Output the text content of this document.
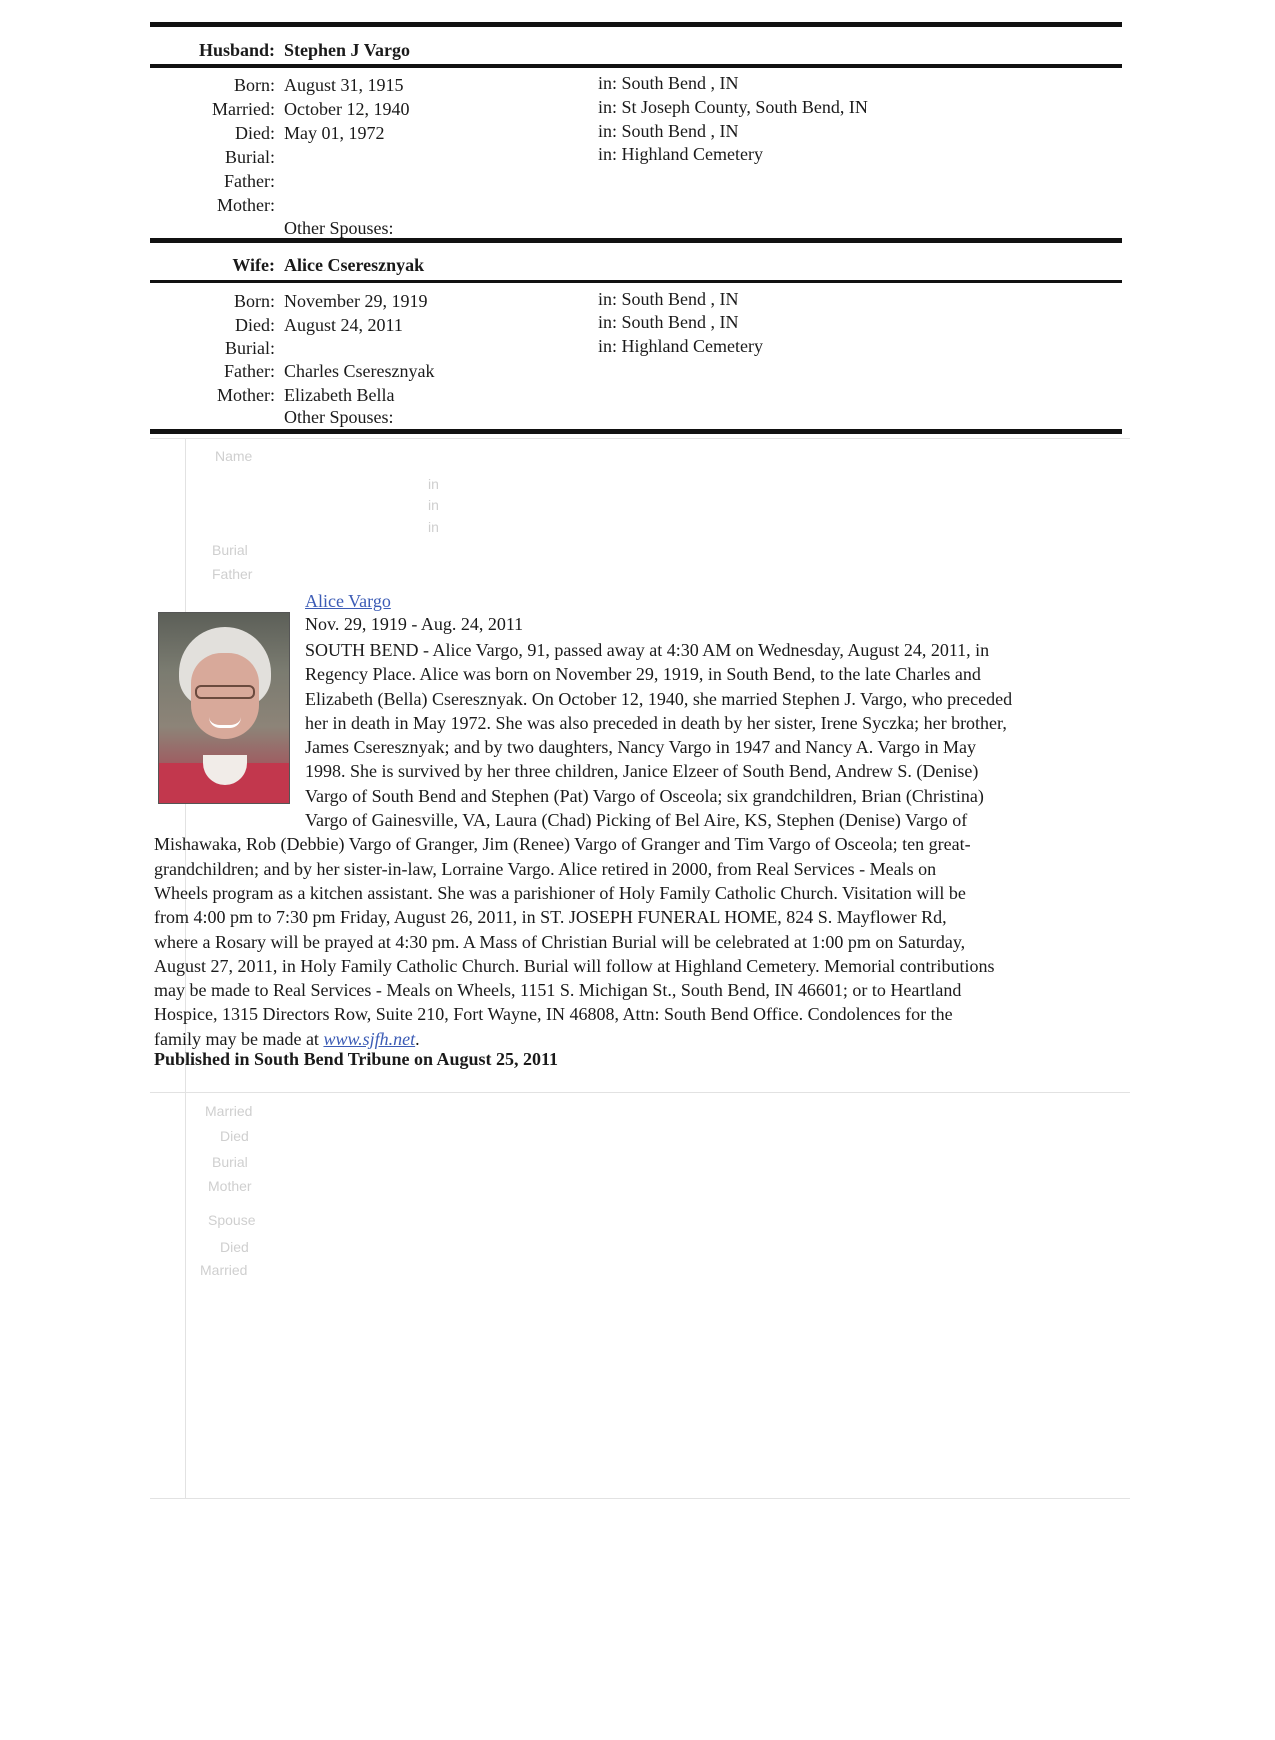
Husband: Stephen J Vargo
Born: August 31, 1915	in: South Bend , IN
Married: October 12, 1940	in: St Joseph County, South Bend, IN
Died: May 01, 1972	in: South Bend , IN
Burial:	in: Highland Cemetery
Father:
Mother:
Other Spouses:
Wife: Alice Cseresznyak
Born: November 29, 1919	in: South Bend , IN
Died: August 24, 2011	in: South Bend , IN
Burial:	in: Highland Cemetery
Father: Charles Cseresznyak
Mother: Elizabeth Bella
Other Spouses:
Name
in
in
in
Burial
Father
Married
Died
Burial
Mother
Spouse
Died
Married
Alice Vargo
Nov. 29, 1919 - Aug. 24, 2011
SOUTH BEND - Alice Vargo, 91, passed away at 4:30 AM on Wednesday, August 24, 2011, in
Regency Place. Alice was born on November 29, 1919, in South Bend, to the late Charles and
Elizabeth (Bella) Cseresznyak. On October 12, 1940, she married Stephen J. Vargo, who preceded
her in death in May 1972. She was also preceded in death by her sister, Irene Syczka; her brother,
James Cseresznyak; and by two daughters, Nancy Vargo in 1947 and Nancy A. Vargo in May
1998. She is survived by her three children, Janice Elzeer of South Bend, Andrew S. (Denise)
Vargo of South Bend and Stephen (Pat) Vargo of Osceola; six grandchildren, Brian (Christina)
Vargo of Gainesville, VA, Laura (Chad) Picking of Bel Aire, KS, Stephen (Denise) Vargo of
Mishawaka, Rob (Debbie) Vargo of Granger, Jim (Renee) Vargo of Granger and Tim Vargo of Osceola; ten great-
grandchildren; and by her sister-in-law, Lorraine Vargo. Alice retired in 2000, from Real Services - Meals on
Wheels program as a kitchen assistant. She was a parishioner of Holy Family Catholic Church. Visitation will be
from 4:00 pm to 7:30 pm Friday, August 26, 2011, in ST. JOSEPH FUNERAL HOME, 824 S. Mayflower Rd,
where a Rosary will be prayed at 4:30 pm. A Mass of Christian Burial will be celebrated at 1:00 pm on Saturday,
August 27, 2011, in Holy Family Catholic Church. Burial will follow at Highland Cemetery. Memorial contributions
may be made to Real Services - Meals on Wheels, 1151 S. Michigan St., South Bend, IN 46601; or to Heartland
Hospice, 1315 Directors Row, Suite 210, Fort Wayne, IN 46808, Attn: South Bend Office. Condolences for the
family may be made at www.sjfh.net.
Published in South Bend Tribune on August 25, 2011
